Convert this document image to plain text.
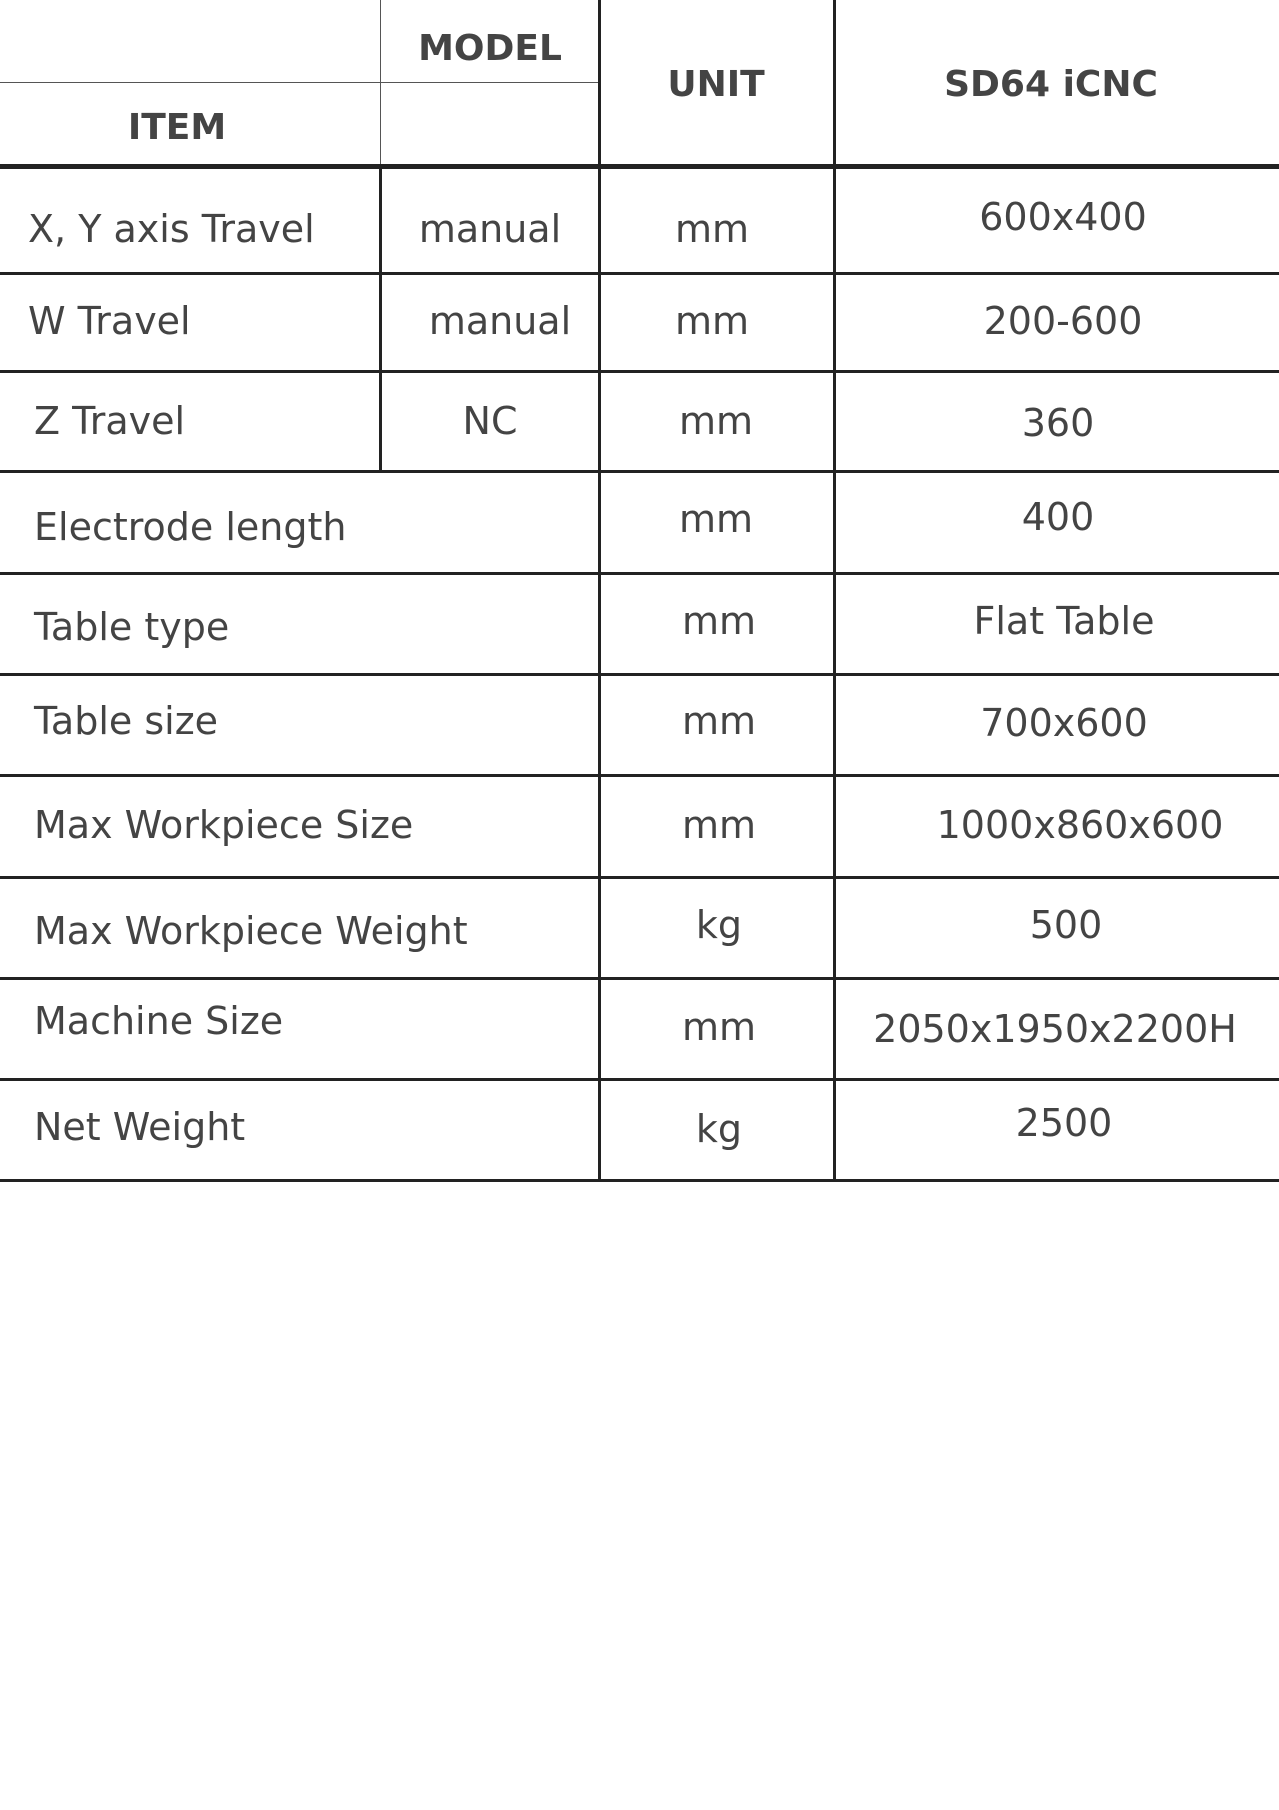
MODEL
ITEM
UNIT	SD64 iCNC
X, Y axis Travel	manual	mm	600x400
W Travel	manual	mm	200-600
Z Travel	NC	mm	360
Electrode length	mm	400
Table type	mm	Flat Table
Table size	mm	700x600
Max Workpiece Size	mm	1000x860x600
Max Workpiece Weight	kg	500
Machine Size	mm	2050x1950x2200H
Net Weight	kg	2500
